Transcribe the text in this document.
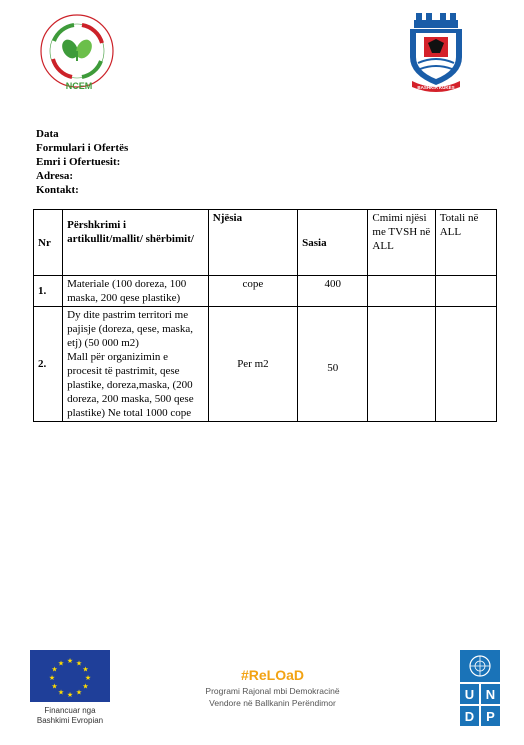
NCEM	BASHKIA KUKËS
Data
Formulari i Ofertës
Emri i Ofertuesit:
Adresa:
Kontakt:
Nr	Përshkrimi i artikullit/mallit/ shërbimit/	Njësia	Sasia	Cmimi njësi me TVSH në ALL	Totali në ALL
1.	Materiale (100 doreza, 100 maska, 200 qese plastike)	cope	400		
2.	Dy dite pastrim territori me pajisje (doreza, qese, maska, etj) (50 000 m2)
Mall për organizimin e procesit të pastrimit, qese plastike, doreza,maska, (200 doreza, 200 maska, 500 qese plastike) Ne total 1000 cope	Per m2	50		
★ ★
★
★
★
★
★
★
★
★
★
★
Financuar nga
Bashkimi Evropian
#ReLOaD
Programi Rajonal mbi Demokracinë
Vendore në Ballkanin Perëndimor
U N
D P
